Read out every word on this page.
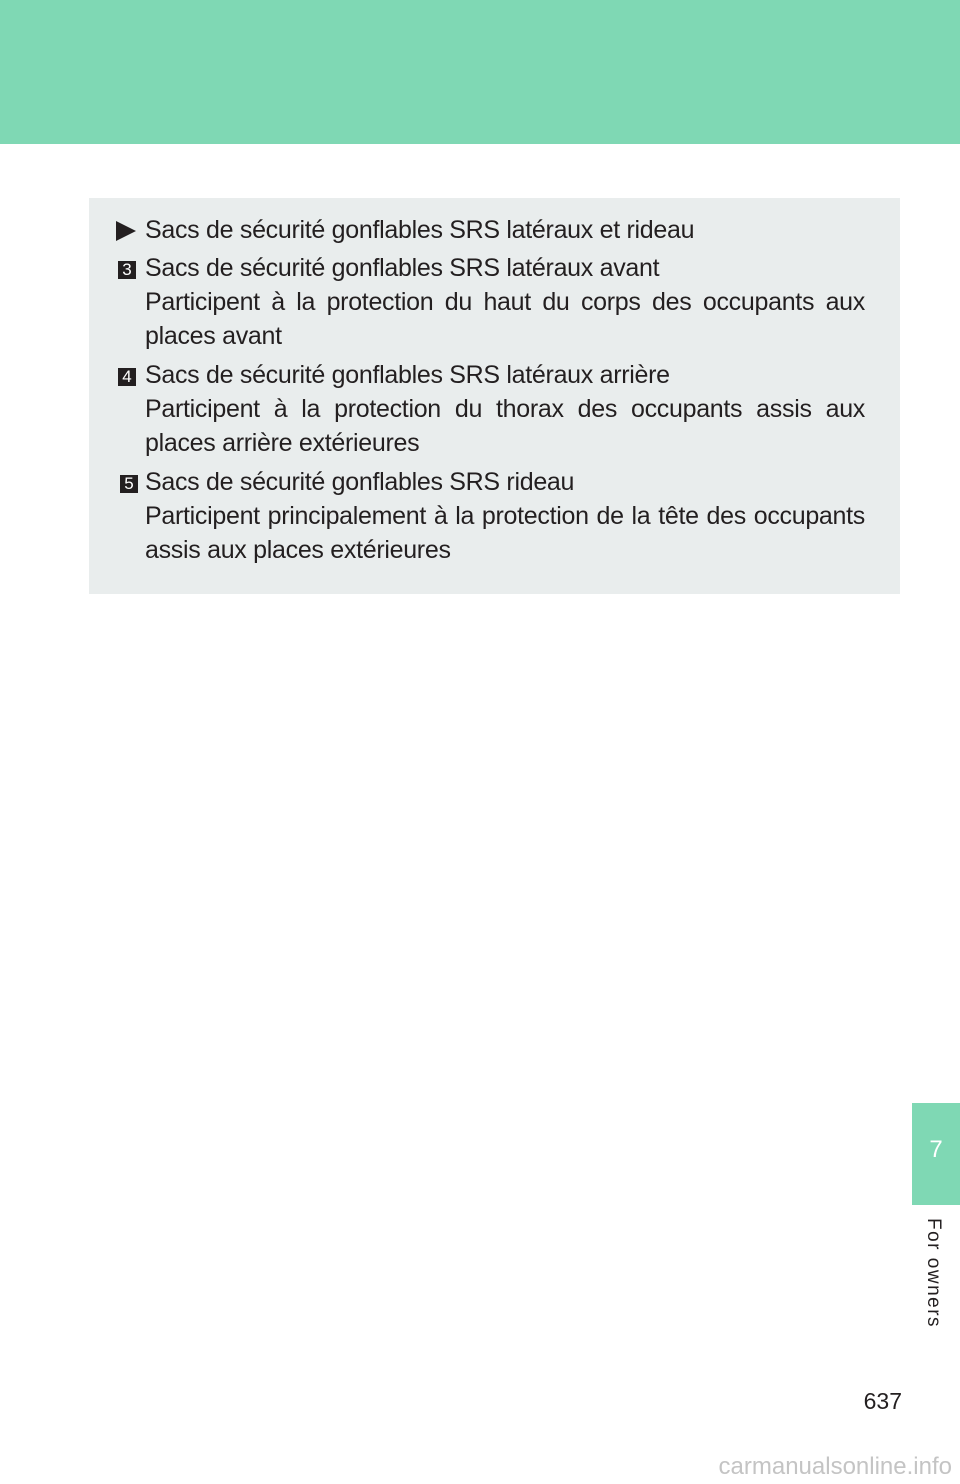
Sacs de sécurité gonflables SRS latéraux et rideau
3 Sacs de sécurité gonflables SRS latéraux avant
Participent à la protection du haut du corps des occupants aux places avant
4 Sacs de sécurité gonflables SRS latéraux arrière
Participent à la protection du thorax des occupants assis aux places arrière extérieures
5 Sacs de sécurité gonflables SRS rideau
Participent principalement à la protection de la tête des occupants assis aux places extérieures
7
For owners
637
carmanualsonline.info
